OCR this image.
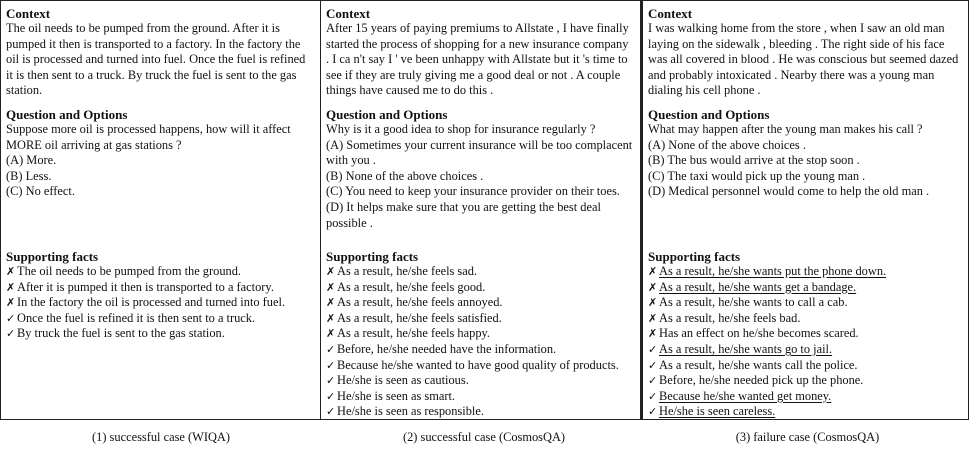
Context
The oil needs to be pumped from the ground. After it is pumped it then is transported to a factory. In the factory the oil is processed and turned into fuel. Once the fuel is refined it is then sent to a truck. By truck the fuel is sent to the gas station.
Question and Options
Suppose more oil is processed happens, how will it affect MORE oil arriving at gas stations ?
(A) More.
(B) Less.
(C) No effect.
Supporting facts
✗ The oil needs to be pumped from the ground.
✗ After it is pumped it then is transported to a factory.
✗ In the factory the oil is processed and turned into fuel.
✓ Once the fuel is refined it is then sent to a truck.
✓ By truck the fuel is sent to the gas station.
Context
After 15 years of paying premiums to Allstate , I have finally started the process of shopping for a new insurance company . I ca n't say I ' ve been unhappy with Allstate but it 's time to see if they are truly giving me a good deal or not . A couple things have caused me to do this .
Question and Options
Why is it a good idea to shop for insurance regularly ?
(A) Sometimes your current insurance will be too complacent with you .
(B) None of the above choices .
(C) You need to keep your insurance provider on their toes.
(D) It helps make sure that you are getting the best deal possible .
Supporting facts
✗ As a result, he/she feels sad.
✗ As a result, he/she feels good.
✗ As a result, he/she feels annoyed.
✗ As a result, he/she feels satisfied.
✗ As a result, he/she feels happy.
✓ Before, he/she needed have the information.
✓ Because he/she wanted to have good quality of products.
✓ He/she is seen as cautious.
✓ He/she is seen as smart.
✓ He/she is seen as responsible.
Context
I was walking home from the store , when I saw an old man laying on the sidewalk , bleeding . The right side of his face was all covered in blood . He was conscious but seemed dazed and probably intoxicated . Nearby there was a young man dialing his cell phone .
Question and Options
What may happen after the young man makes his call ?
(A) None of the above choices .
(B) The bus would arrive at the stop soon .
(C) The taxi would pick up the young man .
(D) Medical personnel would come to help the old man .
Supporting facts
✗ As a result, he/she wants put the phone down.
✗ As a result, he/she wants get a bandage.
✗ As a result, he/she wants to call a cab.
✗ As a result, he/she feels bad.
✗ Has an effect on he/she becomes scared.
✓ As a result, he/she wants go to jail.
✓ As a result, he/she wants call the police.
✓ Before, he/she needed pick up the phone.
✓ Because he/she wanted get money.
✓ He/she is seen careless.
(1) successful case (WIQA)	(2) successful case (CosmosQA)	(3) failure case (CosmosQA)
